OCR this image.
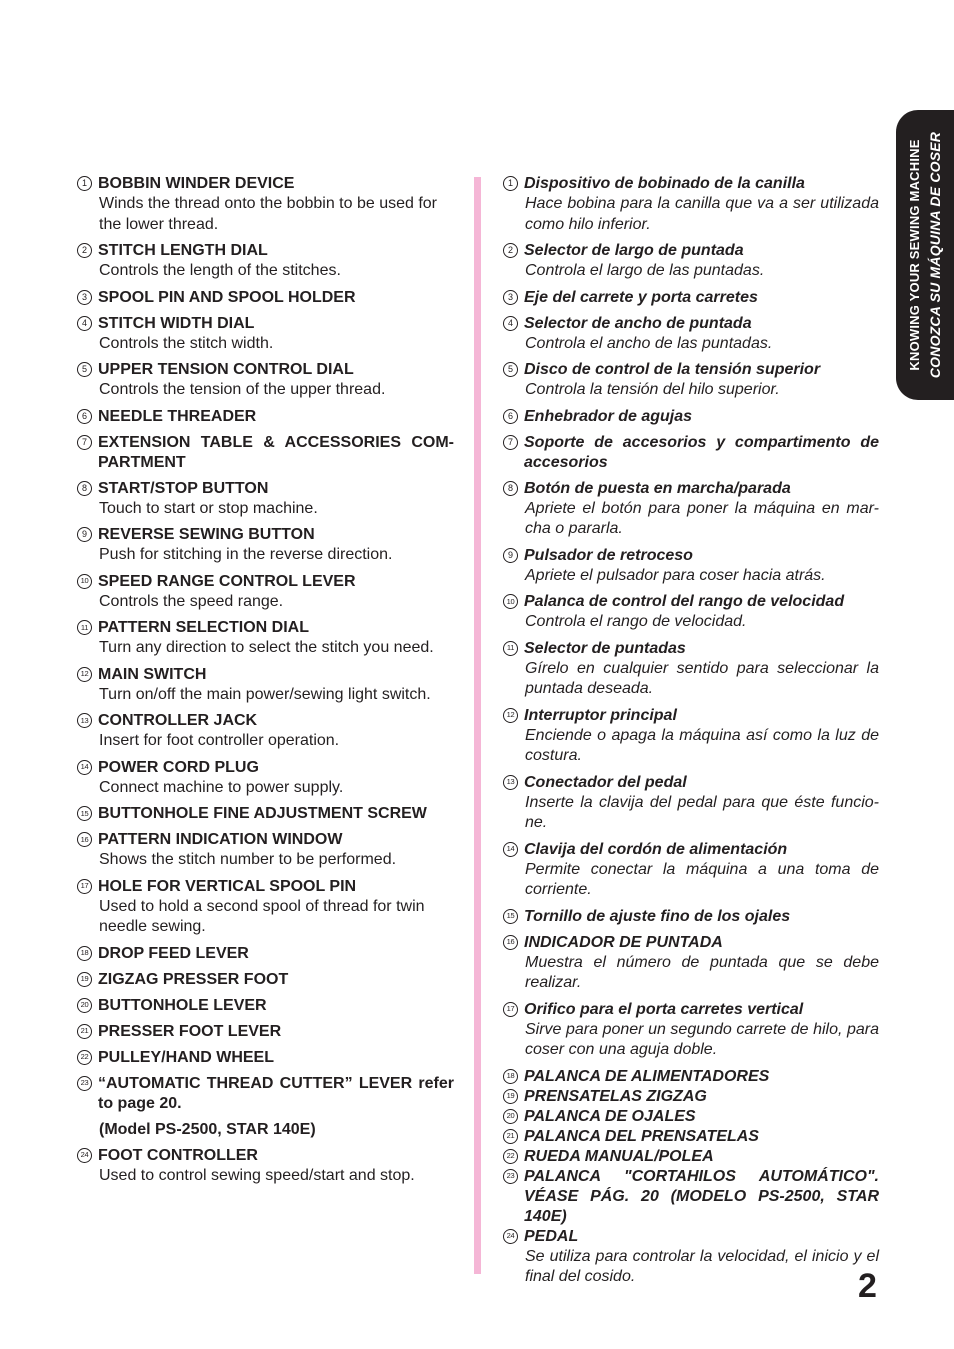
1 BOBBIN WINDER DEVICE
Winds the thread onto the bobbin to be used for the lower thread.
2 STITCH LENGTH DIAL
Controls the length of the stitches.
3 SPOOL PIN AND SPOOL HOLDER
4 STITCH WIDTH DIAL
Controls the stitch width.
5 UPPER TENSION CONTROL DIAL
Controls the tension of the upper thread.
6 NEEDLE THREADER
7 EXTENSION TABLE & ACCESSORIES COM-PARTMENT
8 START/STOP BUTTON
Touch to start or stop machine.
9 REVERSE SEWING BUTTON
Push for stitching in the reverse direction.
10 SPEED RANGE CONTROL LEVER
Controls the speed range.
11 PATTERN SELECTION DIAL
Turn any direction to select the stitch you need.
12 MAIN SWITCH
Turn on/off the main power/sewing light switch.
13 CONTROLLER JACK
Insert for foot controller operation.
14 POWER CORD PLUG
Connect machine to power supply.
15 BUTTONHOLE FINE ADJUSTMENT SCREW
16 PATTERN INDICATION WINDOW
Shows the stitch number to be performed.
17 HOLE FOR VERTICAL SPOOL PIN
Used to hold a second spool of thread for twin needle sewing.
18 DROP FEED LEVER
19 ZIGZAG PRESSER FOOT
20 BUTTONHOLE LEVER
21 PRESSER FOOT LEVER
22 PULLEY/HAND WHEEL
23 “AUTOMATIC THREAD CUTTER” LEVER refer to page 20.
(Model PS-2500, STAR 140E)
24 FOOT CONTROLLER
Used to control sewing speed/start and stop.
1 Dispositivo de bobinado de la canilla
Hace bobina para la canilla que va a ser utilizada como hilo inferior.
2 Selector de largo de puntada
Controla el largo de las puntadas.
3 Eje del carrete y porta carretes
4 Selector de ancho de puntada
Controla el ancho de las puntadas.
5 Disco de control de la tensión superior
Controla la tensión del hilo superior.
6 Enhebrador de agujas
7 Soporte de accesorios y compartimento de accesorios
8 Botón de puesta en marcha/parada
Apriete el botón para poner la máquina en mar-cha o pararla.
9 Pulsador de retroceso
Apriete el pulsador para coser hacia atrás.
10 Palanca de control del rango de velocidad
Controla el rango de velocidad.
11 Selector de puntadas
Gírelo en cualquier sentido para seleccionar la puntada deseada.
12 Interruptor principal
Enciende o apaga la máquina así como la luz de costura.
13 Conectador del pedal
Inserte la clavija del pedal para que éste funcio-ne.
14 Clavija del cordón de alimentación
Permite conectar la máquina a una toma de corriente.
15 Tornillo de ajuste fino de los ojales
16 INDICADOR DE PUNTADA
Muestra el número de puntada que se debe realizar.
17 Orifico para el porta carretes vertical
Sirve para poner un segundo carrete de hilo, para coser con una aguja doble.
18 PALANCA DE ALIMENTADORES
19 PRENSATELAS ZIGZAG
20 PALANCA DE OJALES
21 PALANCA DEL PRENSATELAS
22 RUEDA MANUAL/POLEA
23 PALANCA "CORTAHILOS AUTOMÁTICO". VÉASE PÁG. 20 (MODELO PS-2500, STAR 140E)
24 PEDAL
Se utiliza para controlar la velocidad, el inicio y el final del cosido.
KNOWING YOUR SEWING MACHINE CONOZCA SU MÁQUINA DE COSER
2
